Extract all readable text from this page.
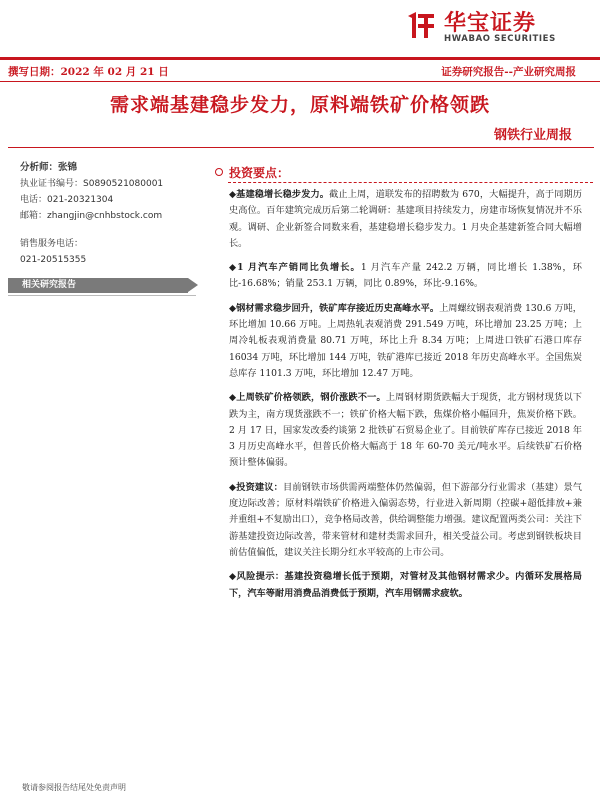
华宝证券
HWABAO SECURITIES
撰写日期：2022 年 02 月 21 日	证券研究报告--产业研究周报
需求端基建稳步发力，原料端铁矿价格领跌
钢铁行业周报
分析师：张锦
执业证书编号：S0890521080001
电话：021-20321304
邮箱：zhangjin@cnhbstock.com
销售服务电话：
021-20515355
相关研究报告
投资要点：

◆基建稳增长稳步发力。截止上周，道联发布的招聘数为 670，大幅提升，高于同期历史高位。百年建筑完成历后第二轮调研：基建项目持续发力，房建市场恢复情况并不乐观。调研、企业新签合同数来看，基建稳增长稳步发力。1 月央企基建新签合同大幅增长。

◆1 月汽车产销同比负增长。1 月汽车产量 242.2 万辆，同比增长 1.38%，环比-16.68%；销量 253.1 万辆，同比 0.89%，环比-9.16%。

◆钢材需求稳步回升，铁矿库存接近历史高峰水平。上周螺纹钢表观消费 130.6 万吨，环比增加 10.66 万吨。上周热轧表观消费 291.549 万吨，环比增加 23.25 万吨；上周冷轧板表观消费量 80.71 万吨，环比上升 8.34 万吨；上周进口铁矿石港口库存 16034 万吨，环比增加 144 万吨，铁矿港库已接近 2018 年历史高峰水平。全国焦炭总库存 1101.3 万吨，环比增加 12.47 万吨。

◆上周铁矿价格领跌，钢价涨跌不一。上周钢材期货跌幅大于现货，北方钢材现货以下跌为主，南方现货涨跌不一；铁矿价格大幅下跌，焦煤价格小幅回升，焦炭价格下跌。2 月 17 日，国家发改委约谈第 2 批铁矿石贸易企业了。目前铁矿库存已接近 2018 年 3 月历史高峰水平，但普氏价格大幅高于 18 年 60-70 美元/吨水平。后续铁矿石价格预计整体偏弱。

◆投资建议：目前钢铁市场供需两端整体仍然偏弱，但下游部分行业需求（基建）景气度边际改善；原材料端铁矿价格进入偏弱态势，行业进入新周期（控碳+超低排放+兼并重组+不复励出口），竞争格局改善，供给调整能力增强。建议配置两类公司：关注下游基建投资边际改善，带来管材和建材类需求回升，相关受益公司。考虑到钢铁板块目前估值偏低，建议关注长期分红水平较高的上市公司。

◆风险提示：基建投资稳增长低于预期，对管材及其他钢材需求少。内循环发展格局下，汽车等耐用消费品消费低于预期，汽车用钢需求疲软。

敬请参阅报告结尾处免责声明
